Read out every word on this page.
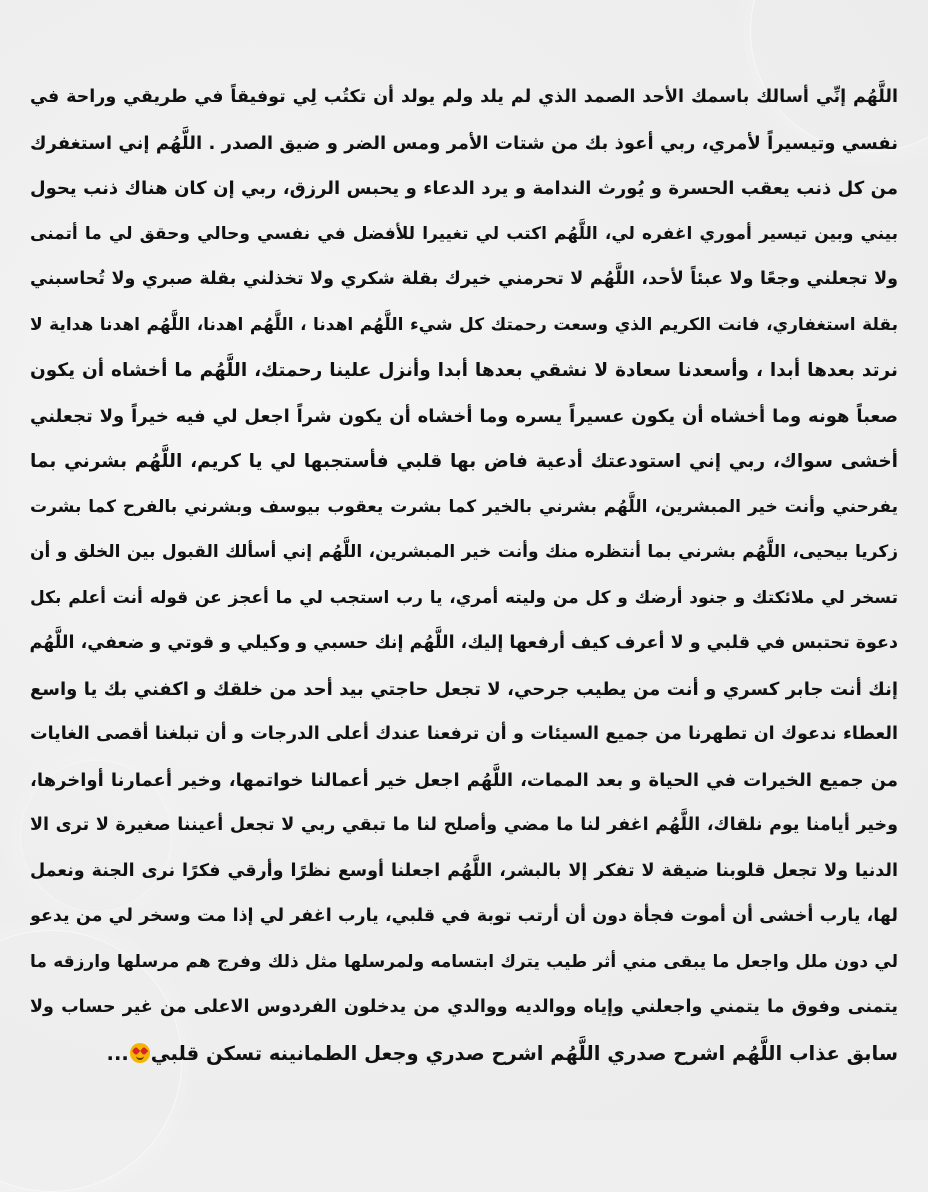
اللَّهُم إنِّي أسالك باسمك الأحد الصمد الذي لم يلد ولم يولد أن تكتُب لِي توفيقاً في طريقي وراحة في
نفسي وتيسيراً لأمري، ربي أعوذ بك من شتات الأمر ومس الضر و ضيق الصدر . اللَّهُم إني استغفرك
من كل ذنب يعقب الحسرة و يُورث الندامة و يرد الدعاء و يحبس الرزق، ربي إن كان هناك ذنب يحول
بيني وبين تيسير أموري اغفره لي، اللَّهُم اكتب لي تغييرا للأفضل في نفسي وحالي وحقق لي ما أتمنى
ولا تجعلني وجعًا ولا عبئاً لأحد، اللَّهُم لا تحرمني خيرك بقلة شكري ولا تخذلني بقلة صبري ولا تُحاسبني
بقلة استغفاري، فانت الكريم الذي وسعت رحمتك كل شيء اللَّهُم اهدنا ، اللَّهُم اهدنا، اللَّهُم اهدنا هداية لا
نرتد بعدها أبدا ، وأسعدنا سعادة لا نشقي بعدها أبدا وأنزل علينا رحمتك، اللَّهُم ما أخشاه أن يكون
صعباً هونه وما أخشاه أن يكون عسيراً يسره وما أخشاه أن يكون شراً اجعل لي فيه خيراً ولا تجعلني
أخشى سواك، ربي إني استودعتك أدعية فاض بها قلبي فأستجبها لي يا كريم، اللَّهُم بشرني بما
يفرحني وأنت خير المبشرين، اللَّهُم بشرني بالخير كما بشرت يعقوب بيوسف وبشرني بالفرح كما بشرت
زكريا بيحيى، اللَّهُم بشرني بما أنتظره منك وأنت خير المبشرين، اللَّهُم إني أسألك القبول بين الخلق و أن
تسخر لي ملائكتك و جنود أرضك و كل من وليته أمري، يا رب استجب لي ما أعجز عن قوله أنت أعلم بكل
دعوة تحتبس في قلبي و لا أعرف كيف أرفعها إليك، اللَّهُم إنك حسبي و وكيلي و قوتي و ضعفي، اللَّهُم
إنك أنت جابر كسري و أنت من يطيب جرحي، لا تجعل حاجتي بيد أحد من خلقك و اكفني بك يا واسع
العطاء ندعوك ان تطهرنا من جميع السيئات و أن ترفعنا عندك أعلى الدرجات و أن تبلغنا أقصى الغايات
من جميع الخيرات في الحياة و بعد الممات، اللَّهُم اجعل خير أعمالنا خواتمها، وخير أعمارنا أواخرها،
وخير أيامنا يوم نلقاك، اللَّهُم اغفر لنا ما مضي وأصلح لنا ما تبقي ربي لا تجعل أعيننا صغيرة لا ترى الا
الدنيا ولا تجعل قلوبنا ضيقة لا تفكر إلا بالبشر، اللَّهُم اجعلنا أوسع نظرًا وأرقي فكرًا نرى الجنة ونعمل
لها، يارب أخشى أن أموت فجأة دون أن أرتب توبة في قلبي، يارب اغفر لي إذا مت وسخر لي من يدعو
لي دون ملل واجعل ما يبقى مني أثر طيب يترك ابتسامه ولمرسلها مثل ذلك وفرج هم مرسلها وارزقه ما
يتمنى وفوق ما يتمني واجعلني وإياه ووالديه ووالدي من يدخلون الفردوس الاعلى من غير حساب ولا
سابق عذاب اللَّهُم اشرح صدري اللَّهُم اشرح صدري وجعل الطمانينه تسكن قلبي
...
